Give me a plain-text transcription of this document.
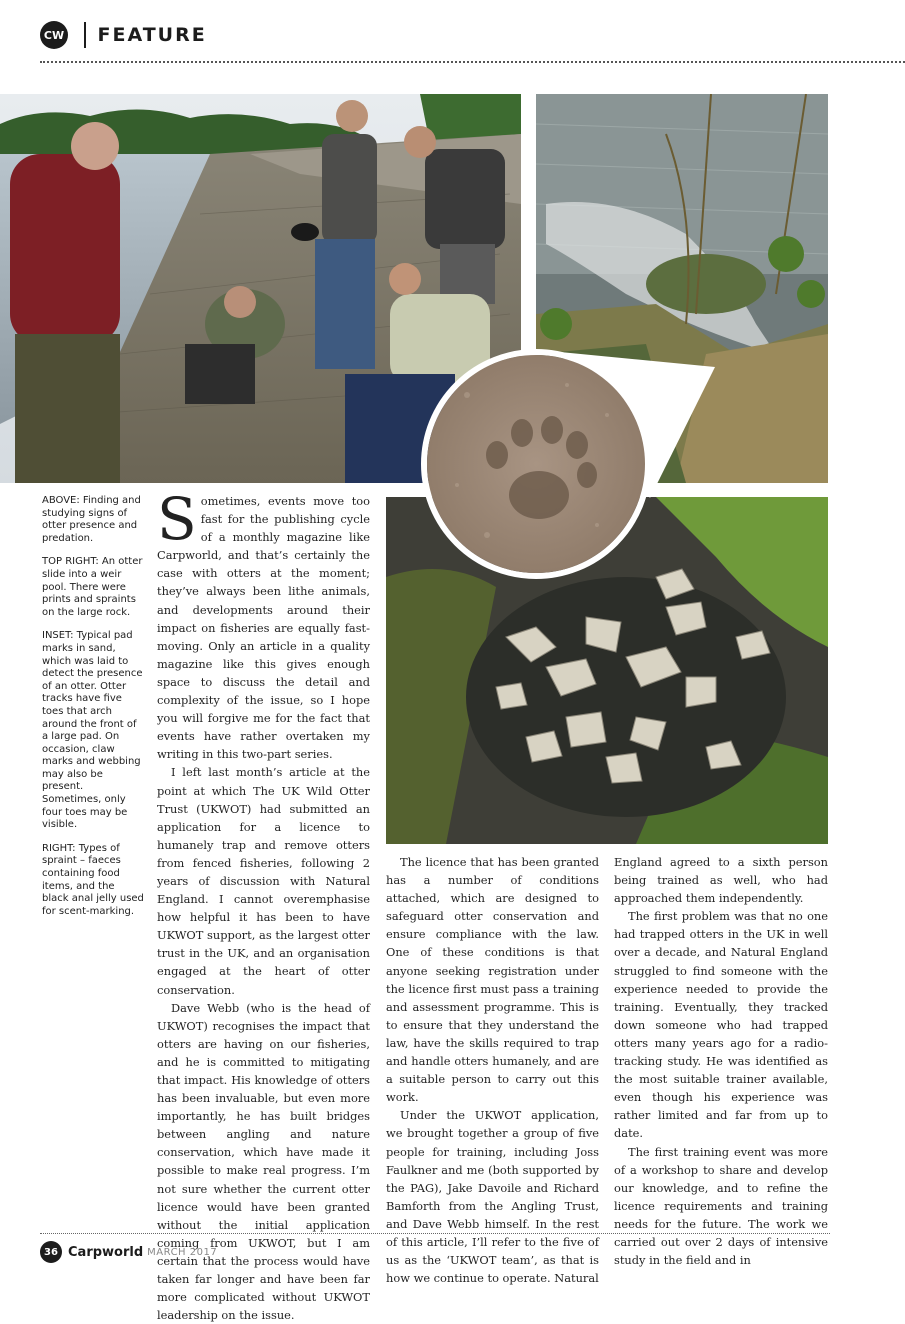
CW FEATURE

ABOVE: Finding and studying signs of otter presence and predation.

TOP RIGHT: An otter slide into a weir pool. There were prints and spraints on the large rock.

INSET: Typical pad marks in sand, which was laid to detect the presence of an otter. Otter tracks have five toes that arch around the front of a large pad. On occasion, claw marks and webbing may also be present. Sometimes, only four toes may be visible.

RIGHT: Types of spraint – faeces containing food items, and the black anal jelly used for scent-marking.

S ometimes, events move too fast for the publishing cycle of a monthly magazine like Carpworld, and that’s certainly the case with otters at the moment; they’ve always been lithe animals, and developments around their impact on fisheries are equally fast-moving. Only an article in a quality magazine like this gives enough space to discuss the detail and complexity of the issue, so I hope you will forgive me for the fact that events have rather overtaken my writing in this two-part series.

I left last month’s article at the point at which The UK Wild Otter Trust (UKWOT) had submitted an application for a licence to humanely trap and remove otters from fenced fisheries, following 2 years of discussion with Natural England. I cannot overemphasise how helpful it has been to have UKWOT support, as the largest otter trust in the UK, and an organisation engaged at the heart of otter conservation.

Dave Webb (who is the head of UKWOT) recognises the impact that otters are having on our fisheries, and he is committed to mitigating that impact. His knowledge of otters has been invaluable, but even more importantly, he has built bridges between angling and nature conservation, which have made it possible to make real progress. I’m not sure whether the current otter licence would have been granted without the initial application coming from UKWOT, but I am certain that the process would have taken far longer and have been far more complicated without UKWOT leadership on the issue.

The licence that has been granted has a number of conditions attached, which are designed to safeguard otter conservation and ensure compliance with the law. One of these conditions is that anyone seeking registration under the licence first must pass a training and assessment programme. This is to ensure that they understand the law, have the skills required to trap and handle otters humanely, and are a suitable person to carry out this work.

Under the UKWOT application, we brought together a group of five people for training, including Joss Faulkner and me (both supported by the PAG), Jake Davoile and Richard Bamforth from the Angling Trust, and Dave Webb himself. In the rest of this article, I’ll refer to the five of us as the ‘UKWOT team’, as that is how we continue to operate. Natural

England agreed to a sixth person being trained as well, who had approached them independently.

The first problem was that no one had trapped otters in the UK in well over a decade, and Natural England struggled to find someone with the experience needed to provide the training. Eventually, they tracked down someone who had trapped otters many years ago for a radio-tracking study. He was identified as the most suitable trainer available, even though his experience was rather limited and far from up to date.

The first training event was more of a workshop to share and develop our knowledge, and to refine the licence requirements and training needs for the future. The work we carried out over 2 days of intensive study in the field and in

36 Carpworld MARCH 2017
